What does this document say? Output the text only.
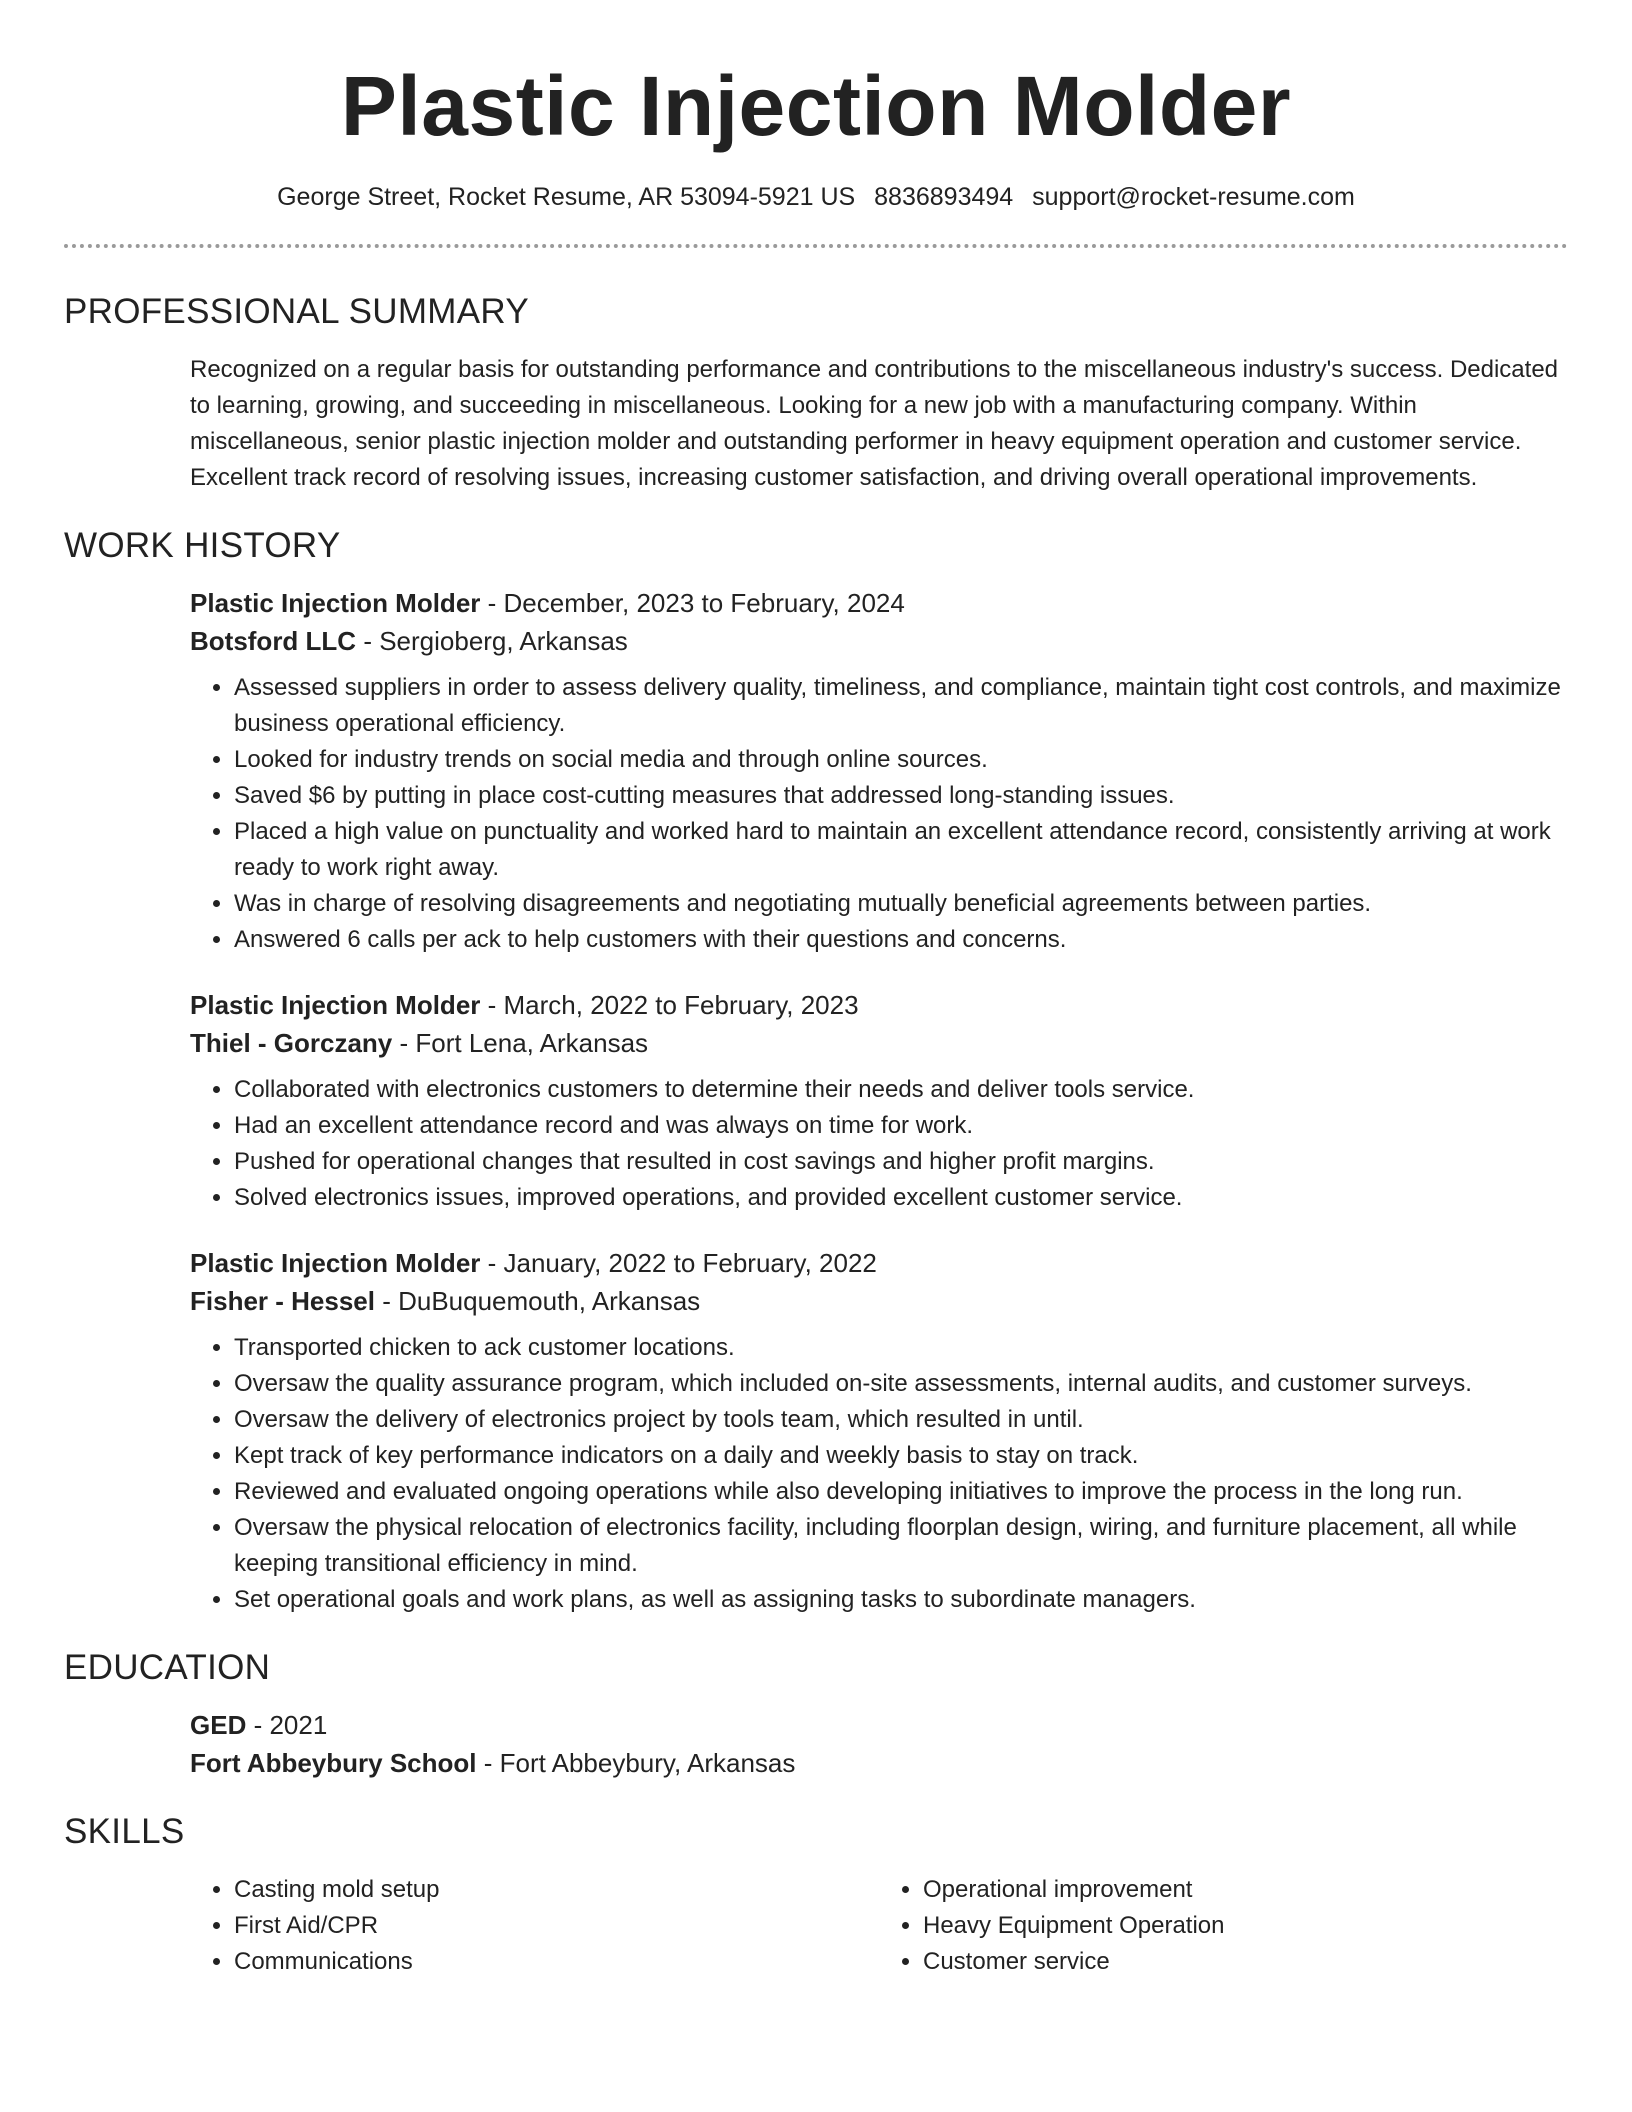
Plastic Injection Molder
George Street, Rocket Resume, AR 53094-5921 US 8836893494 support@rocket-resume.com
PROFESSIONAL SUMMARY

Recognized on a regular basis for outstanding performance and contributions to the miscellaneous industry's success. Dedicated to learning, growing, and succeeding in miscellaneous. Looking for a new job with a manufacturing company. Within miscellaneous, senior plastic injection molder and outstanding performer in heavy equipment operation and customer service. Excellent track record of resolving issues, increasing customer satisfaction, and driving overall operational improvements.

WORK HISTORY
Plastic Injection Molder - December, 2023 to February, 2024
Botsford LLC - Sergioberg, Arkansas
• Assessed suppliers in order to assess delivery quality, timeliness, and compliance, maintain tight cost controls, and maximize business operational efficiency.
• Looked for industry trends on social media and through online sources.
• Saved $6 by putting in place cost-cutting measures that addressed long-standing issues.
• Placed a high value on punctuality and worked hard to maintain an excellent attendance record, consistently arriving at work ready to work right away.
• Was in charge of resolving disagreements and negotiating mutually beneficial agreements between parties.
• Answered 6 calls per ack to help customers with their questions and concerns.
Plastic Injection Molder - March, 2022 to February, 2023
Thiel - Gorczany - Fort Lena, Arkansas
• Collaborated with electronics customers to determine their needs and deliver tools service.
• Had an excellent attendance record and was always on time for work.
• Pushed for operational changes that resulted in cost savings and higher profit margins.
• Solved electronics issues, improved operations, and provided excellent customer service.
Plastic Injection Molder - January, 2022 to February, 2022
Fisher - Hessel - DuBuquemouth, Arkansas
• Transported chicken to ack customer locations.
• Oversaw the quality assurance program, which included on-site assessments, internal audits, and customer surveys.
• Oversaw the delivery of electronics project by tools team, which resulted in until.
• Kept track of key performance indicators on a daily and weekly basis to stay on track.
• Reviewed and evaluated ongoing operations while also developing initiatives to improve the process in the long run.
• Oversaw the physical relocation of electronics facility, including floorplan design, wiring, and furniture placement, all while keeping transitional efficiency in mind.
• Set operational goals and work plans, as well as assigning tasks to subordinate managers.
EDUCATION
GED - 2021
Fort Abbeybury School - Fort Abbeybury, Arkansas
SKILLS
• Casting mold setup
• First Aid/CPR
• Communications
• Operational improvement
• Heavy Equipment Operation
• Customer service
